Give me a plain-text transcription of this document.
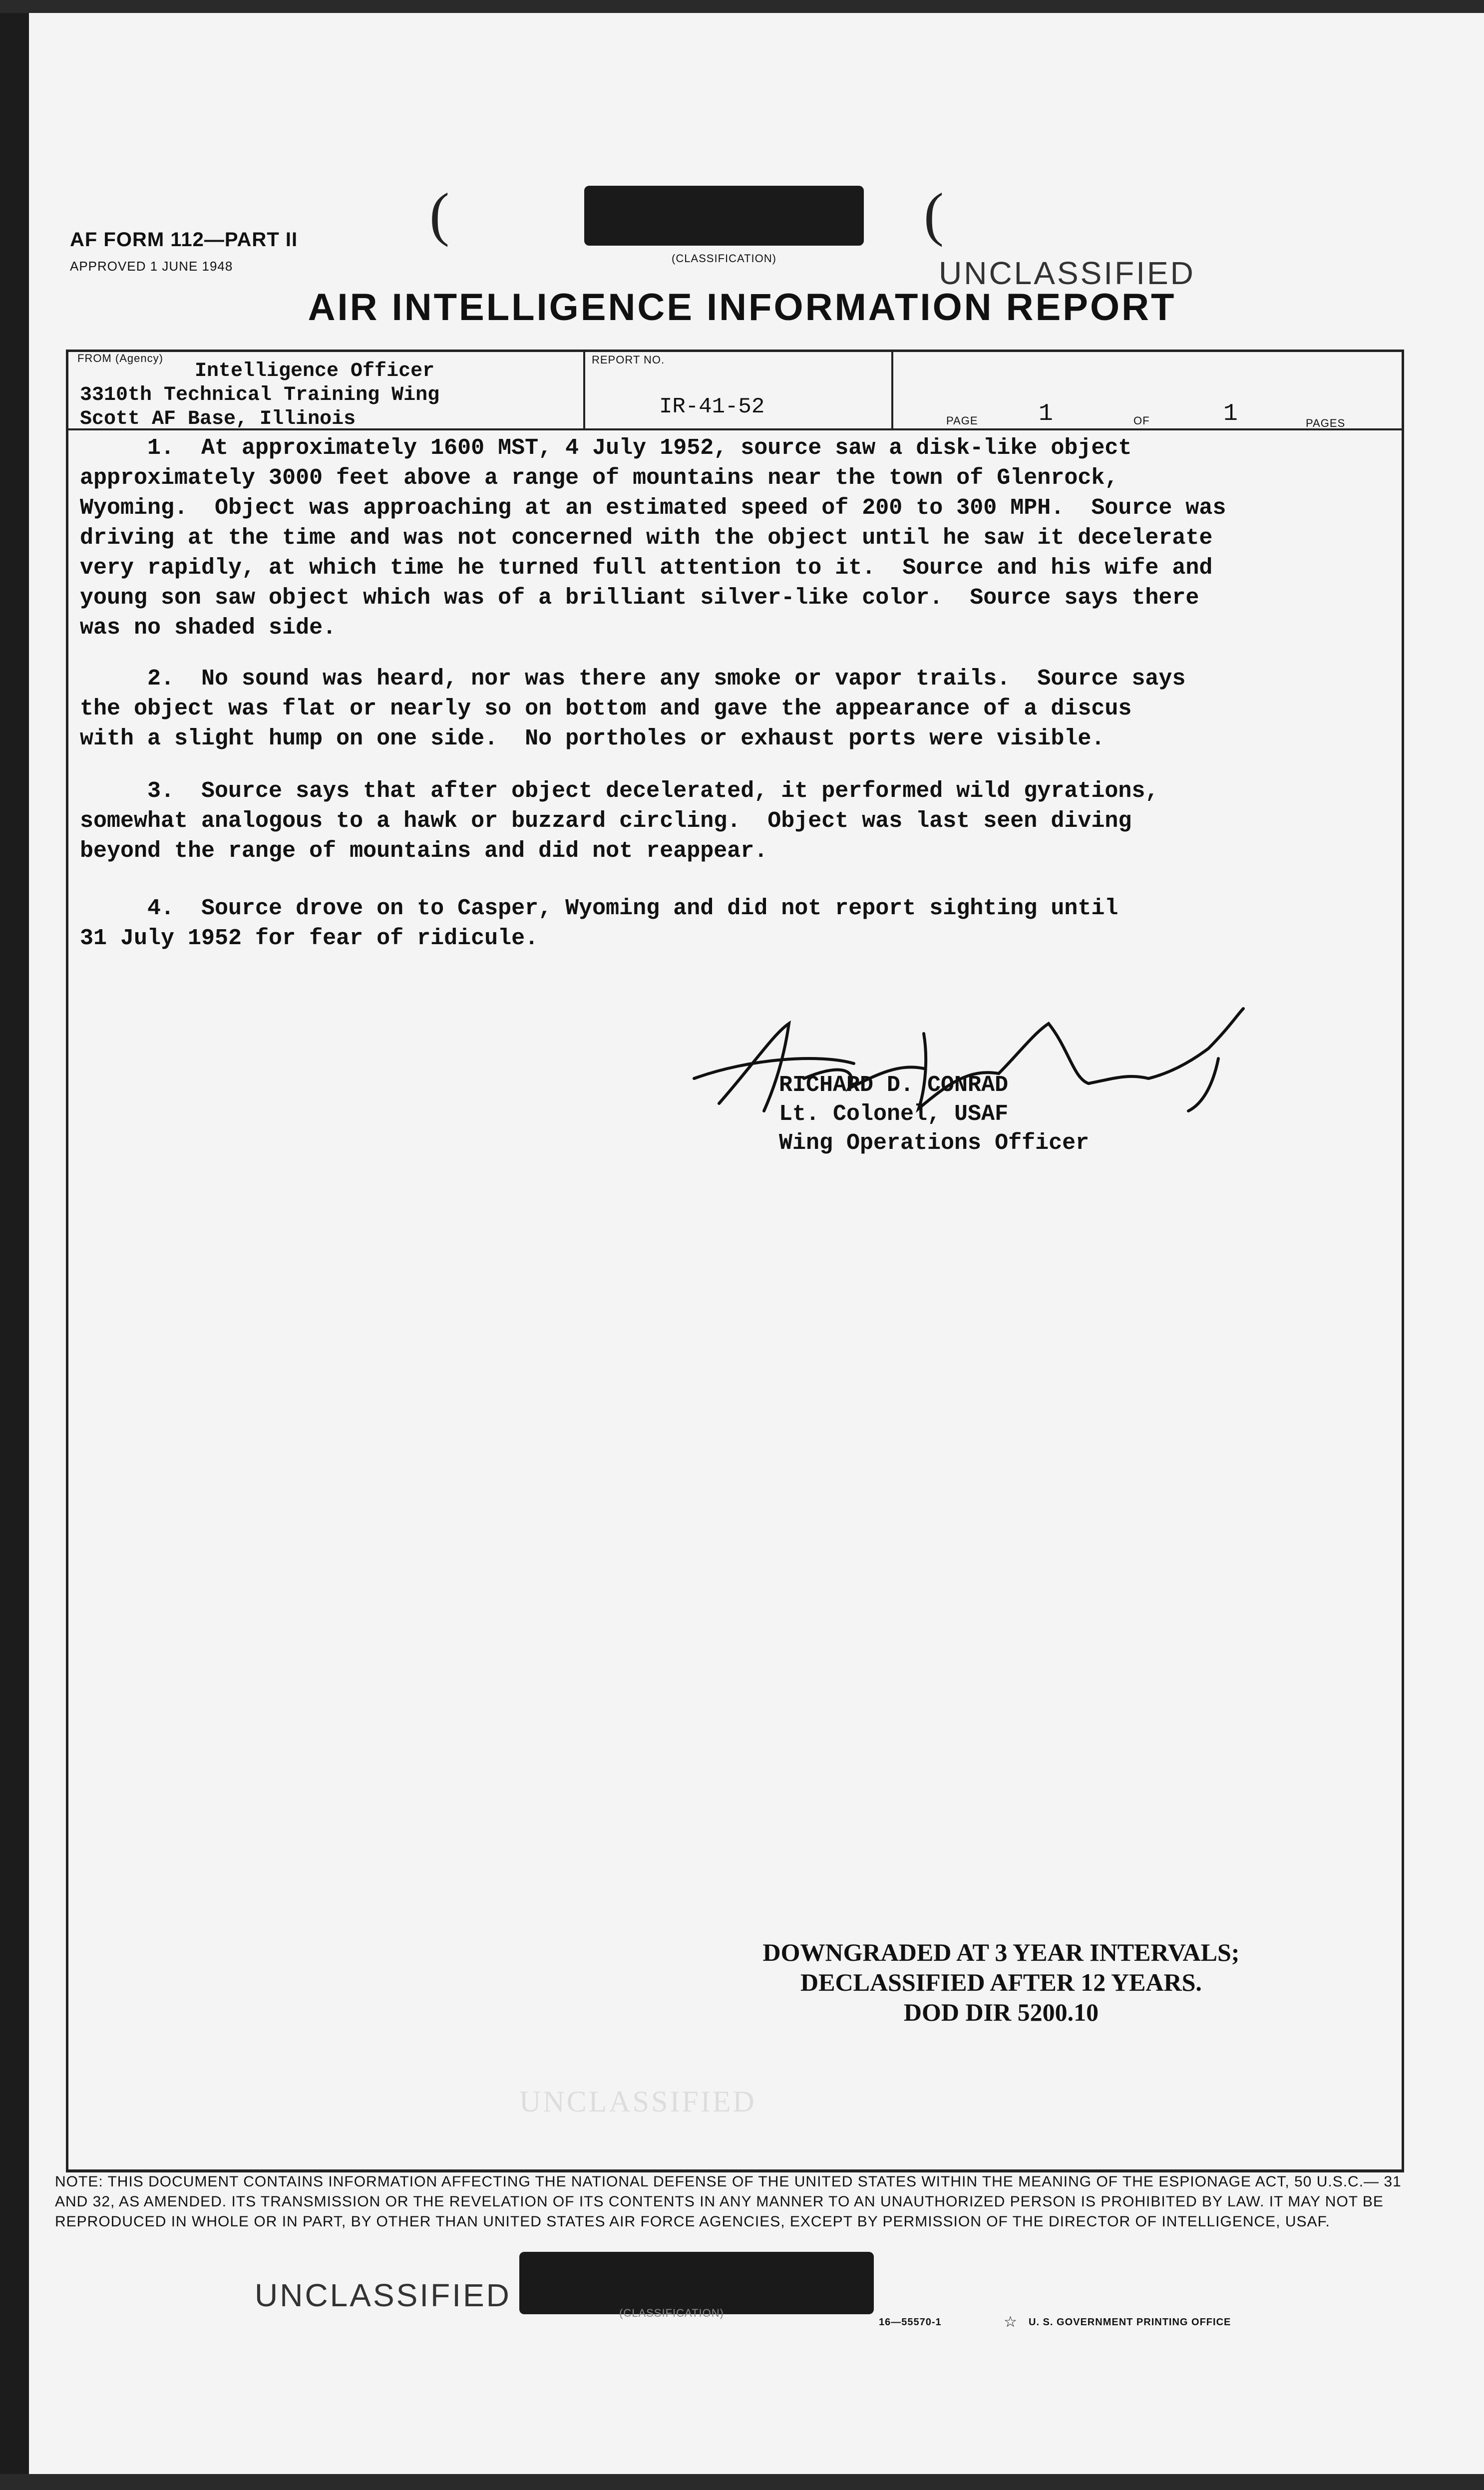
AF FORM 112—PART II
APPROVED 1 JUNE 1948
(
(CLASSIFICATION)
(
UNCLASSIFIED
AIR INTELLIGENCE INFORMATION REPORT
FROM (Agency)
Intelligence Officer
3310th Technical Training Wing
Scott AF Base, Illinois
REPORT NO.
IR-41-52
PAGE	1	OF	1	PAGES
1.  At approximately 1600 MST, 4 July 1952, source saw a disk-like object
approximately 3000 feet above a range of mountains near the town of Glenrock,
Wyoming.  Object was approaching at an estimated speed of 200 to 300 MPH.  Source was
driving at the time and was not concerned with the object until he saw it decelerate
very rapidly, at which time he turned full attention to it.  Source and his wife and
young son saw object which was of a brilliant silver-like color.  Source says there
was no shaded side.
2.  No sound was heard, nor was there any smoke or vapor trails.  Source says
the object was flat or nearly so on bottom and gave the appearance of a discus
with a slight hump on one side.  No portholes or exhaust ports were visible.
3.  Source says that after object decelerated, it performed wild gyrations,
somewhat analogous to a hawk or buzzard circling.  Object was last seen diving
beyond the range of mountains and did not reappear.
4.  Source drove on to Casper, Wyoming and did not report sighting until
31 July 1952 for fear of ridicule.
RICHARD D. CONRAD
Lt. Colonel, USAF
Wing Operations Officer
DOWNGRADED AT 3 YEAR INTERVALS;
DECLASSIFIED AFTER 12 YEARS.
DOD DIR 5200.10
UNCLASSIFIED
NOTE: THIS DOCUMENT CONTAINS INFORMATION AFFECTING THE NATIONAL DEFENSE OF THE UNITED STATES WITHIN THE MEANING OF THE ESPIONAGE ACT, 50 U.S.C.— 31 AND 32, AS AMENDED. ITS TRANSMISSION OR THE REVELATION OF ITS CONTENTS IN ANY MANNER TO AN UNAUTHORIZED PERSON IS PROHIBITED BY LAW. IT MAY NOT BE REPRODUCED IN WHOLE OR IN PART, BY OTHER THAN UNITED STATES AIR FORCE AGENCIES, EXCEPT BY PERMISSION OF THE DIRECTOR OF INTELLIGENCE, USAF.
UNCLASSIFIED	(CLASSIFICATION)
16—55570-1	☆ U. S. GOVERNMENT PRINTING OFFICE
